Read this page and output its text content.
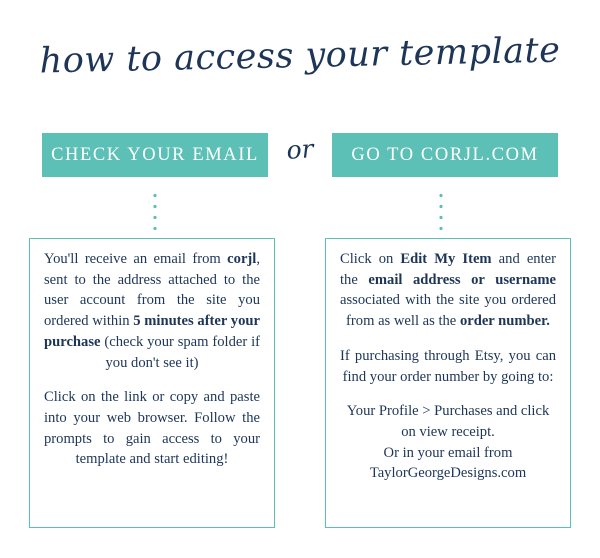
how to access your template
CHECK YOUR EMAIL or GO TO CORJL.COM

You'll receive an email from corjl, sent to the address attached to the user account from the site you ordered within 5 minutes after your purchase (check your spam folder if you don't see it)

Click on the link or copy and paste into your web browser. Follow the prompts to gain access to your template and start editing!

Click on Edit My Item and enter the email address or username associated with the site you ordered from as well as the order number.

If purchasing through Etsy, you can find your order number by going to:

Your Profile > Purchases and click on view receipt.

Or in your email from

TaylorGeorgeDesigns.com
